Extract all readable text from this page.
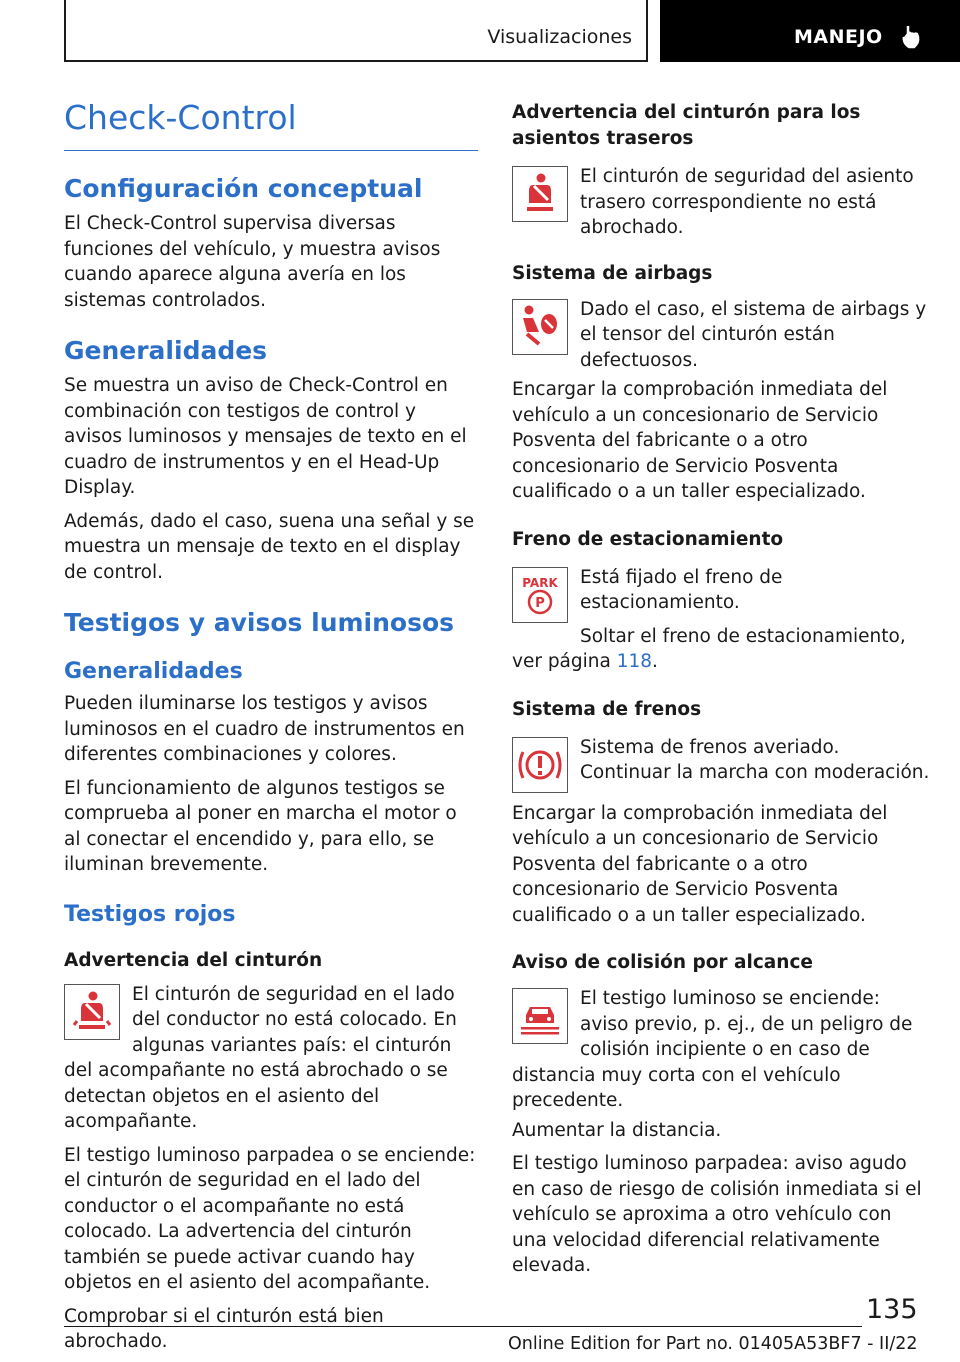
Visualizaciones	MANEJO
Check-Control
Configuración conceptual

El Check-Control supervisa diversas funciones del vehículo, y muestra avisos cuando aparece alguna avería en los sistemas controlados.

Generalidades

Se muestra un aviso de Check-Control en combinación con testigos de control y avisos luminosos y mensajes de texto en el cuadro de instrumentos y en el Head-Up Display.

Además, dado el caso, suena una señal y se muestra un mensaje de texto en el display de control.

Testigos y avisos luminosos
Generalidades

Pueden iluminarse los testigos y avisos luminosos en el cuadro de instrumentos en diferentes combinaciones y colores.

El funcionamiento de algunos testigos se comprueba al poner en marcha el motor o al conectar el encendido y, para ello, se iluminan brevemente.

Testigos rojos
Advertencia del cinturón

El cinturón de seguridad en el lado del conductor no está colocado. En algunas variantes país: el cinturón del acompañante no está abrochado o se detectan objetos en el asiento del acompañante.

El testigo luminoso parpadea o se enciende: el cinturón de seguridad en el lado del conductor o el acompañante no está colocado. La advertencia del cinturón también se puede activar cuando hay objetos en el asiento del acompañante.

Comprobar si el cinturón está bien abrochado.

Advertencia del cinturón para los asientos traseros

El cinturón de seguridad del asiento trasero correspondiente no está abrochado.

Sistema de airbags

Dado el caso, el sistema de airbags y el tensor del cinturón están defectuosos.

Encargar la comprobación inmediata del vehículo a un concesionario de Servicio Posventa del fabricante o a otro concesionario de Servicio Posventa cualificado o a un taller especializado.

Freno de estacionamiento
PARK
P

Está fijado el freno de estacionamiento.

Soltar el freno de estacionamiento, ver página 118.

Sistema de frenos

Sistema de frenos averiado. Continuar la marcha con moderación.

Encargar la comprobación inmediata del vehículo a un concesionario de Servicio Posventa del fabricante o a otro concesionario de Servicio Posventa cualificado o a un taller especializado.

Aviso de colisión por alcance

El testigo luminoso se enciende: aviso previo, p. ej., de un peligro de colisión incipiente o en caso de distancia muy corta con el vehículo precedente.

Aumentar la distancia.

El testigo luminoso parpadea: aviso agudo en caso de riesgo de colisión inmediata si el vehículo se aproxima a otro vehículo con una velocidad diferencial relativamente elevada.

135
Online Edition for Part no. 01405A53BF7 - II/22
